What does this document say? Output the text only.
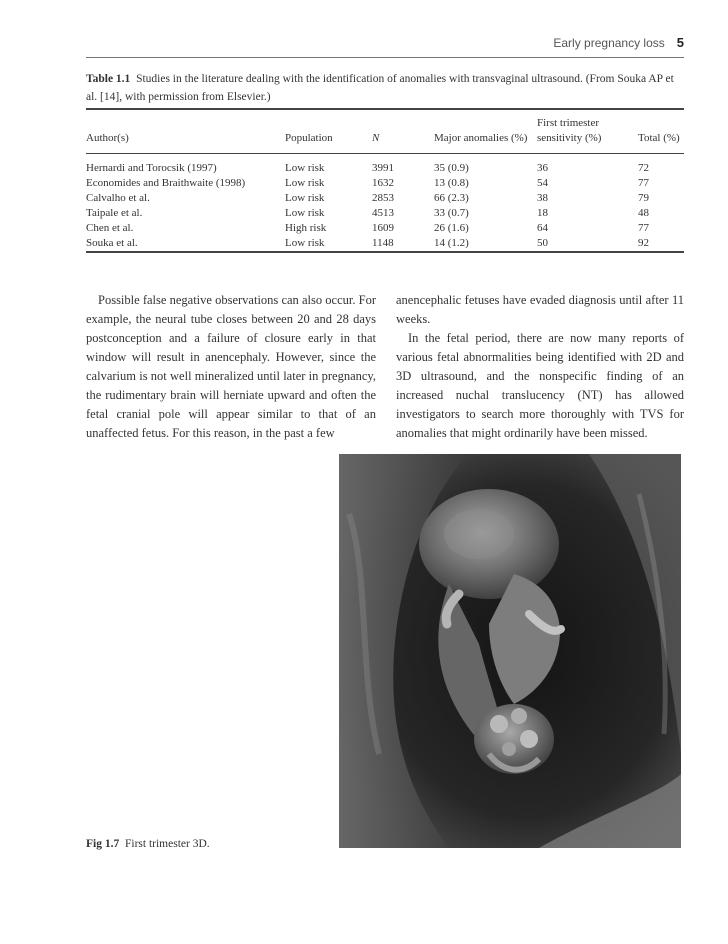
Early pregnancy loss 5
Table 1.1 Studies in the literature dealing with the identification of anomalies with transvaginal ultrasound. (From Souka AP et al. [14], with permission from Elsevier.)
Author(s)	Population	N	Major anomalies (%)	First trimester sensitivity (%)	Total (%)
Hernardi and Torocsik (1997)	Low risk	3991	35 (0.9)	36	72
Economides and Braithwaite (1998)	Low risk	1632	13 (0.8)	54	77
Calvalho et al.	Low risk	2853	66 (2.3)	38	79
Taipale et al.	Low risk	4513	33 (0.7)	18	48
Chen et al.	High risk	1609	26 (1.6)	64	77
Souka et al.	Low risk	1148	14 (1.2)	50	92

Possible false negative observations can also occur. For example, the neural tube closes between 20 and 28 days postconception and a failure of closure early in that window will result in anencephaly. However, since the calvarium is not well mineralized until later in pregnancy, the rudimentary brain will herniate upward and often the fetal cranial pole will appear similar to that of an unaffected fetus. For this reason, in the past a few

anencephalic fetuses have evaded diagnosis until after 11 weeks.

In the fetal period, there are now many reports of various fetal abnormalities being identified with 2D and 3D ultrasound, and the nonspecific finding of an increased nuchal translucency (NT) has allowed investigators to search more thoroughly with TVS for anomalies that might ordinarily have been missed.

Fig 1.7 First trimester 3D.
